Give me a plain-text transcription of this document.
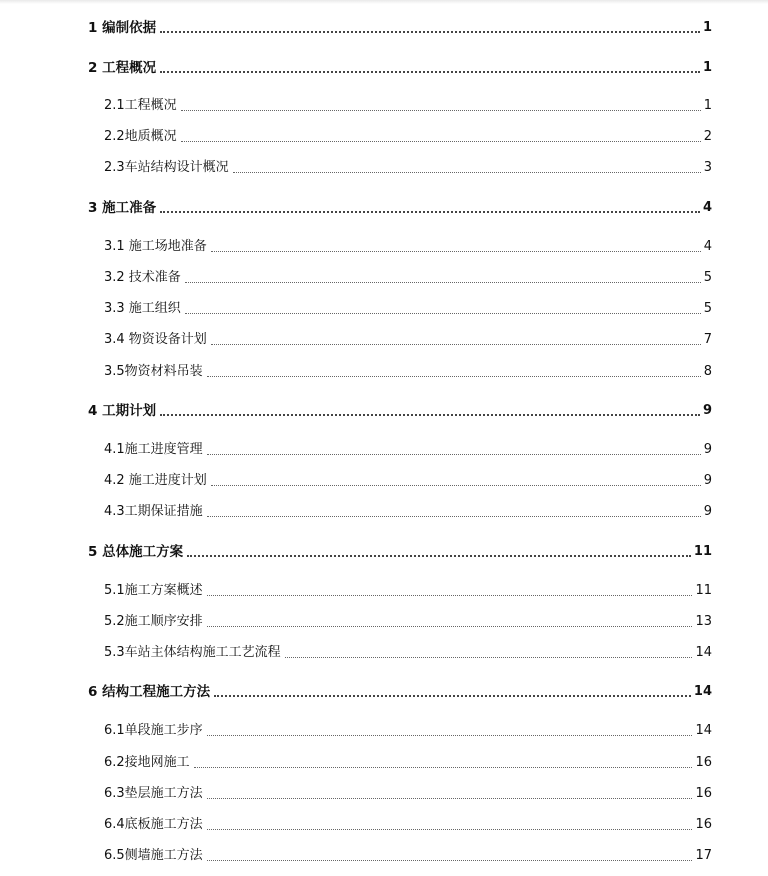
1 编制依据	1
2 工程概况	1
2.1工程概况	1
2.2地质概况	2
2.3车站结构设计概况	3
3 施工准备	4
3.1 施工场地准备	4
3.2 技术准备	5
3.3 施工组织	5
3.4 物资设备计划	7
3.5物资材料吊装	8
4 工期计划	9
4.1施工进度管理	9
4.2 施工进度计划	9
4.3工期保证措施	9
5 总体施工方案	11
5.1施工方案概述	11
5.2施工顺序安排	13
5.3车站主体结构施工工艺流程	14
6 结构工程施工方法	14
6.1单段施工步序	14
6.2接地网施工	16
6.3垫层施工方法	16
6.4底板施工方法	16
6.5侧墙施工方法	17
